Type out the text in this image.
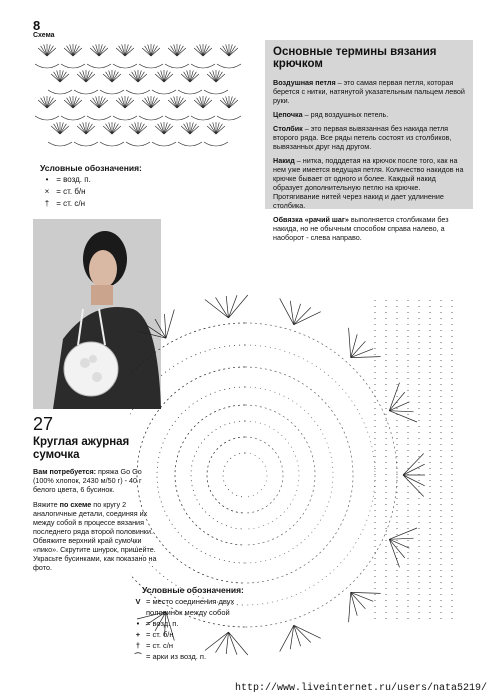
8
Схема
Условные обозначения:
• = возд. п.
× = ст. б/н
† = ст. с/н
Основные термины вязания крючком

Воздушная петля – это самая первая петля, которая берется с нитки, натянутой указательным пальцем левой руки.

Цепочка – ряд воздушных петель.

Столбик – это первая вывязанная без накида петля второго ряда. Все ряды петель состоят из столбиков, вывязанных друг над другом.

Накид – нитка, подддетая на крючок после того, как на нем уже имеется ведущая петля. Количество накидов на крючке бывает от одного и более. Каждый накид образует дополнительную петлю на крючке. Протягивание нитей через накид и дает удлинение столбика.

Обвязка «рачий шаг» выполняется столбиками без накида, но не обычным способом справа налево, а наоборот - слева направо.

27
Круглая ажурная сумочка

Вам потребуется: пряжа Go Go (100% хлопок, 2430 м/50 г) - 40 г белого цвета, 6 бусинок.

Вяжите по схеме по кругу 2 аналогичные детали, соединяя их между собой в процессе вязания последнего ряда второй половинки. Обвяжите верхний край сумочки «пико». Скрутите шнурок, пришейте. Украсьте бусинками, как показано на фото.

Условные обозначения:
V = место соединения двух половинок между собой
• = возд. п.
+ = ст. б/н
† = ст. с/н
⌒ = арки из возд. п.
http://www.liveinternet.ru/users/nata5219/
